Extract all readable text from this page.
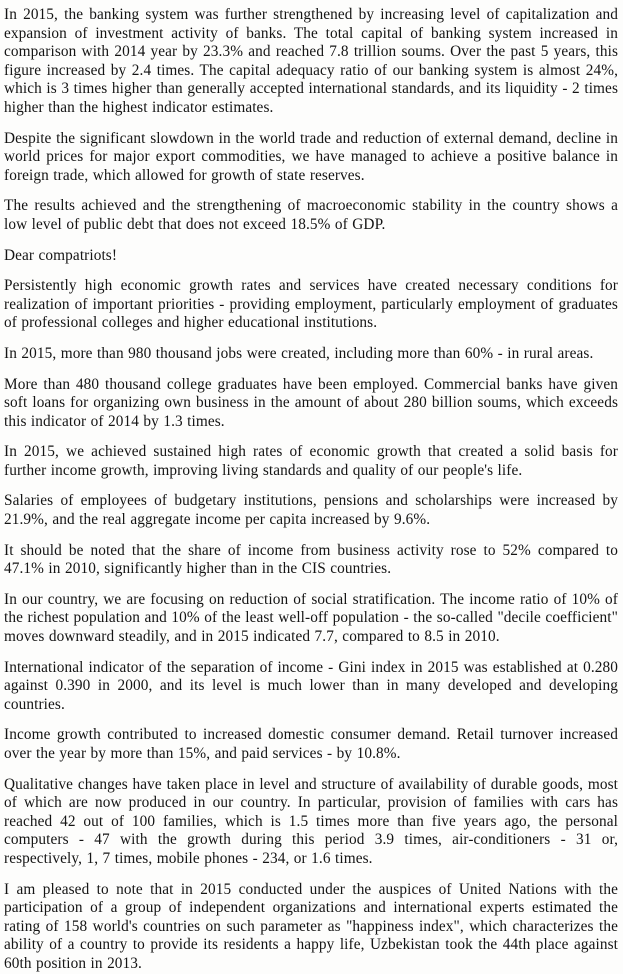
In 2015, the banking system was further strengthened by increasing level of capitalization and expansion of investment activity of banks. The total capital of banking system increased in comparison with 2014 year by 23.3% and reached 7.8 trillion soums. Over the past 5 years, this figure increased by 2.4 times. The capital adequacy ratio of our banking system is almost 24%, which is 3 times higher than generally accepted international standards, and its liquidity - 2 times higher than the highest indicator estimates.

Despite the significant slowdown in the world trade and reduction of external demand, decline in world prices for major export commodities, we have managed to achieve a positive balance in foreign trade, which allowed for growth of state reserves.

The results achieved and the strengthening of macroeconomic stability in the country shows a low level of public debt that does not exceed 18.5% of GDP.

Dear compatriots!

Persistently high economic growth rates and services have created necessary conditions for realization of important priorities - providing employment, particularly employment of graduates of professional colleges and higher educational institutions.

In 2015, more than 980 thousand jobs were created, including more than 60% - in rural areas.

More than 480 thousand college graduates have been employed. Commercial banks have given soft loans for organizing own business in the amount of about 280 billion soums, which exceeds this indicator of 2014 by 1.3 times.

In 2015, we achieved sustained high rates of economic growth that created a solid basis for further income growth, improving living standards and quality of our people's life.

Salaries of employees of budgetary institutions, pensions and scholarships were increased by 21.9%, and the real aggregate income per capita increased by 9.6%.

It should be noted that the share of income from business activity rose to 52% compared to 47.1% in 2010, significantly higher than in the CIS countries.

In our country, we are focusing on reduction of social stratification. The income ratio of 10% of the richest population and 10% of the least well-off population - the so-called "decile coefficient" moves downward steadily, and in 2015 indicated 7.7, compared to 8.5 in 2010.

International indicator of the separation of income - Gini index in 2015 was established at 0.280 against 0.390 in 2000, and its level is much lower than in many developed and developing countries.

Income growth contributed to increased domestic consumer demand. Retail turnover increased over the year by more than 15%, and paid services - by 10.8%.

Qualitative changes have taken place in level and structure of availability of durable goods, most of which are now produced in our country. In particular, provision of families with cars has reached 42 out of 100 families, which is 1.5 times more than five years ago, the personal computers - 47 with the growth during this period 3.9 times, air-conditioners - 31 or, respectively, 1, 7 times, mobile phones - 234, or 1.6 times.

I am pleased to note that in 2015 conducted under the auspices of United Nations with the participation of a group of independent organizations and international experts estimated the rating of 158 world's countries on such parameter as "happiness index", which characterizes the ability of a country to provide its residents a happy life, Uzbekistan took the 44th place against 60th position in 2013.
